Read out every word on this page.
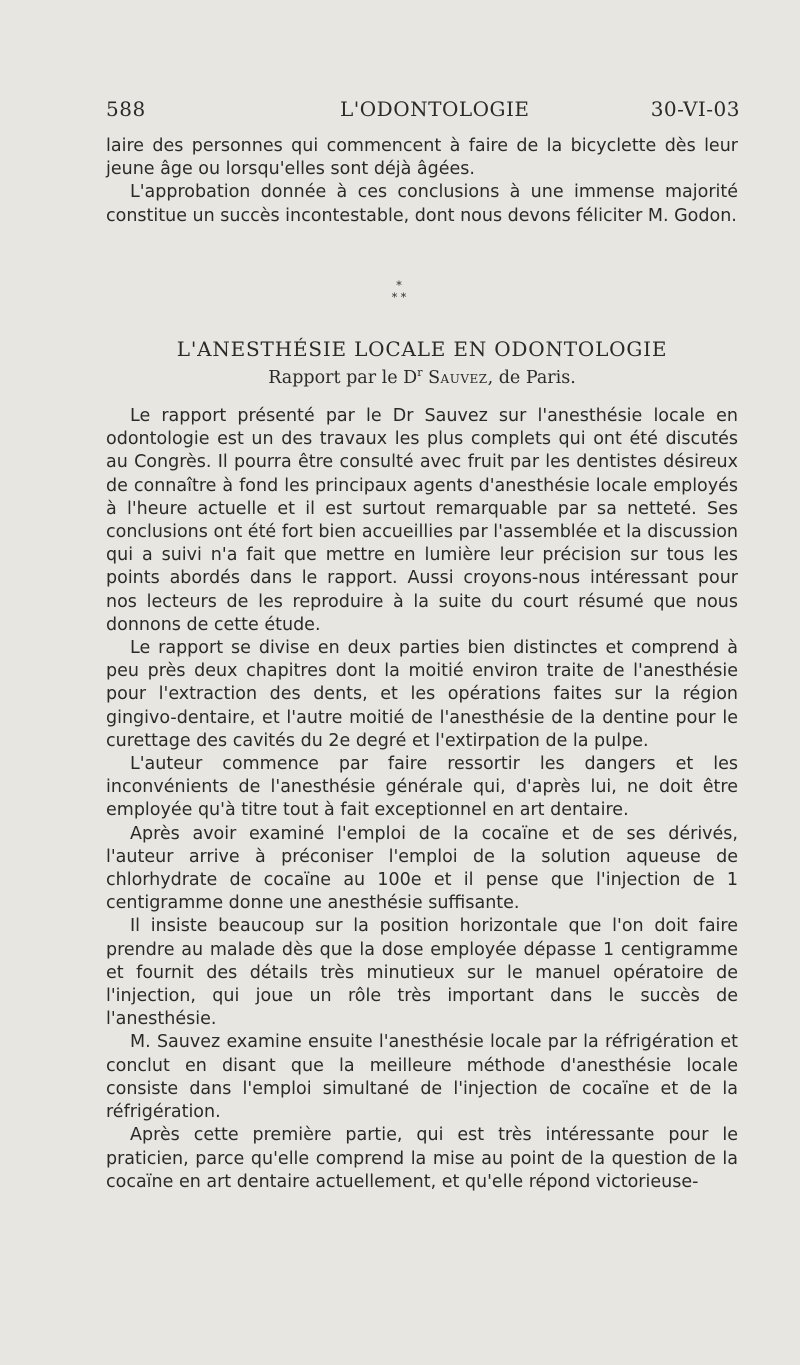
588	L'ODONTOLOGIE	30-VI-03

laire des personnes qui commencent à faire de la bicyclette dès leur jeune âge ou lorsqu'elles sont déjà âgées.

L'approbation donnée à ces conclusions à une immense majorité constitue un succès incontestable, dont nous devons féliciter M. Godon.

*
* *
L'ANESTHÉSIE LOCALE EN ODONTOLOGIE
Rapport par le $D^r$ Sauvez, de Paris.

Le rapport présenté par le Dr Sauvez sur l'anesthésie locale en odontologie est un des travaux les plus complets qui ont été discutés au Congrès. Il pourra être consulté avec fruit par les dentistes désireux de connaître à fond les principaux agents d'anesthésie locale employés à l'heure actuelle et il est surtout remarquable par sa netteté. Ses conclusions ont été fort bien accueillies par l'assemblée et la discussion qui a suivi n'a fait que mettre en lumière leur précision sur tous les points abordés dans le rapport. Aussi croyons-nous intéressant pour nos lecteurs de les reproduire à la suite du court résumé que nous donnons de cette étude.

Le rapport se divise en deux parties bien distinctes et comprend à peu près deux chapitres dont la moitié environ traite de l'anesthésie pour l'extraction des dents, et les opérations faites sur la région gingivo-dentaire, et l'autre moitié de l'anesthésie de la dentine pour le curettage des cavités du 2e degré et l'extirpation de la pulpe.

L'auteur commence par faire ressortir les dangers et les inconvénients de l'anesthésie générale qui, d'après lui, ne doit être employée qu'à titre tout à fait exceptionnel en art dentaire.

Après avoir examiné l'emploi de la cocaïne et de ses dérivés, l'auteur arrive à préconiser l'emploi de la solution aqueuse de chlorhydrate de cocaïne au 100e et il pense que l'injection de 1 centigramme donne une anesthésie suffisante.

Il insiste beaucoup sur la position horizontale que l'on doit faire prendre au malade dès que la dose employée dépasse 1 centigramme et fournit des détails très minutieux sur le manuel opératoire de l'injection, qui joue un rôle très important dans le succès de l'anesthésie.

M. Sauvez examine ensuite l'anesthésie locale par la réfrigération et conclut en disant que la meilleure méthode d'anesthésie locale consiste dans l'emploi simultané de l'injection de cocaïne et de la réfrigération.

Après cette première partie, qui est très intéressante pour le praticien, parce qu'elle comprend la mise au point de la question de la cocaïne en art dentaire actuellement, et qu'elle répond victorieuse-
